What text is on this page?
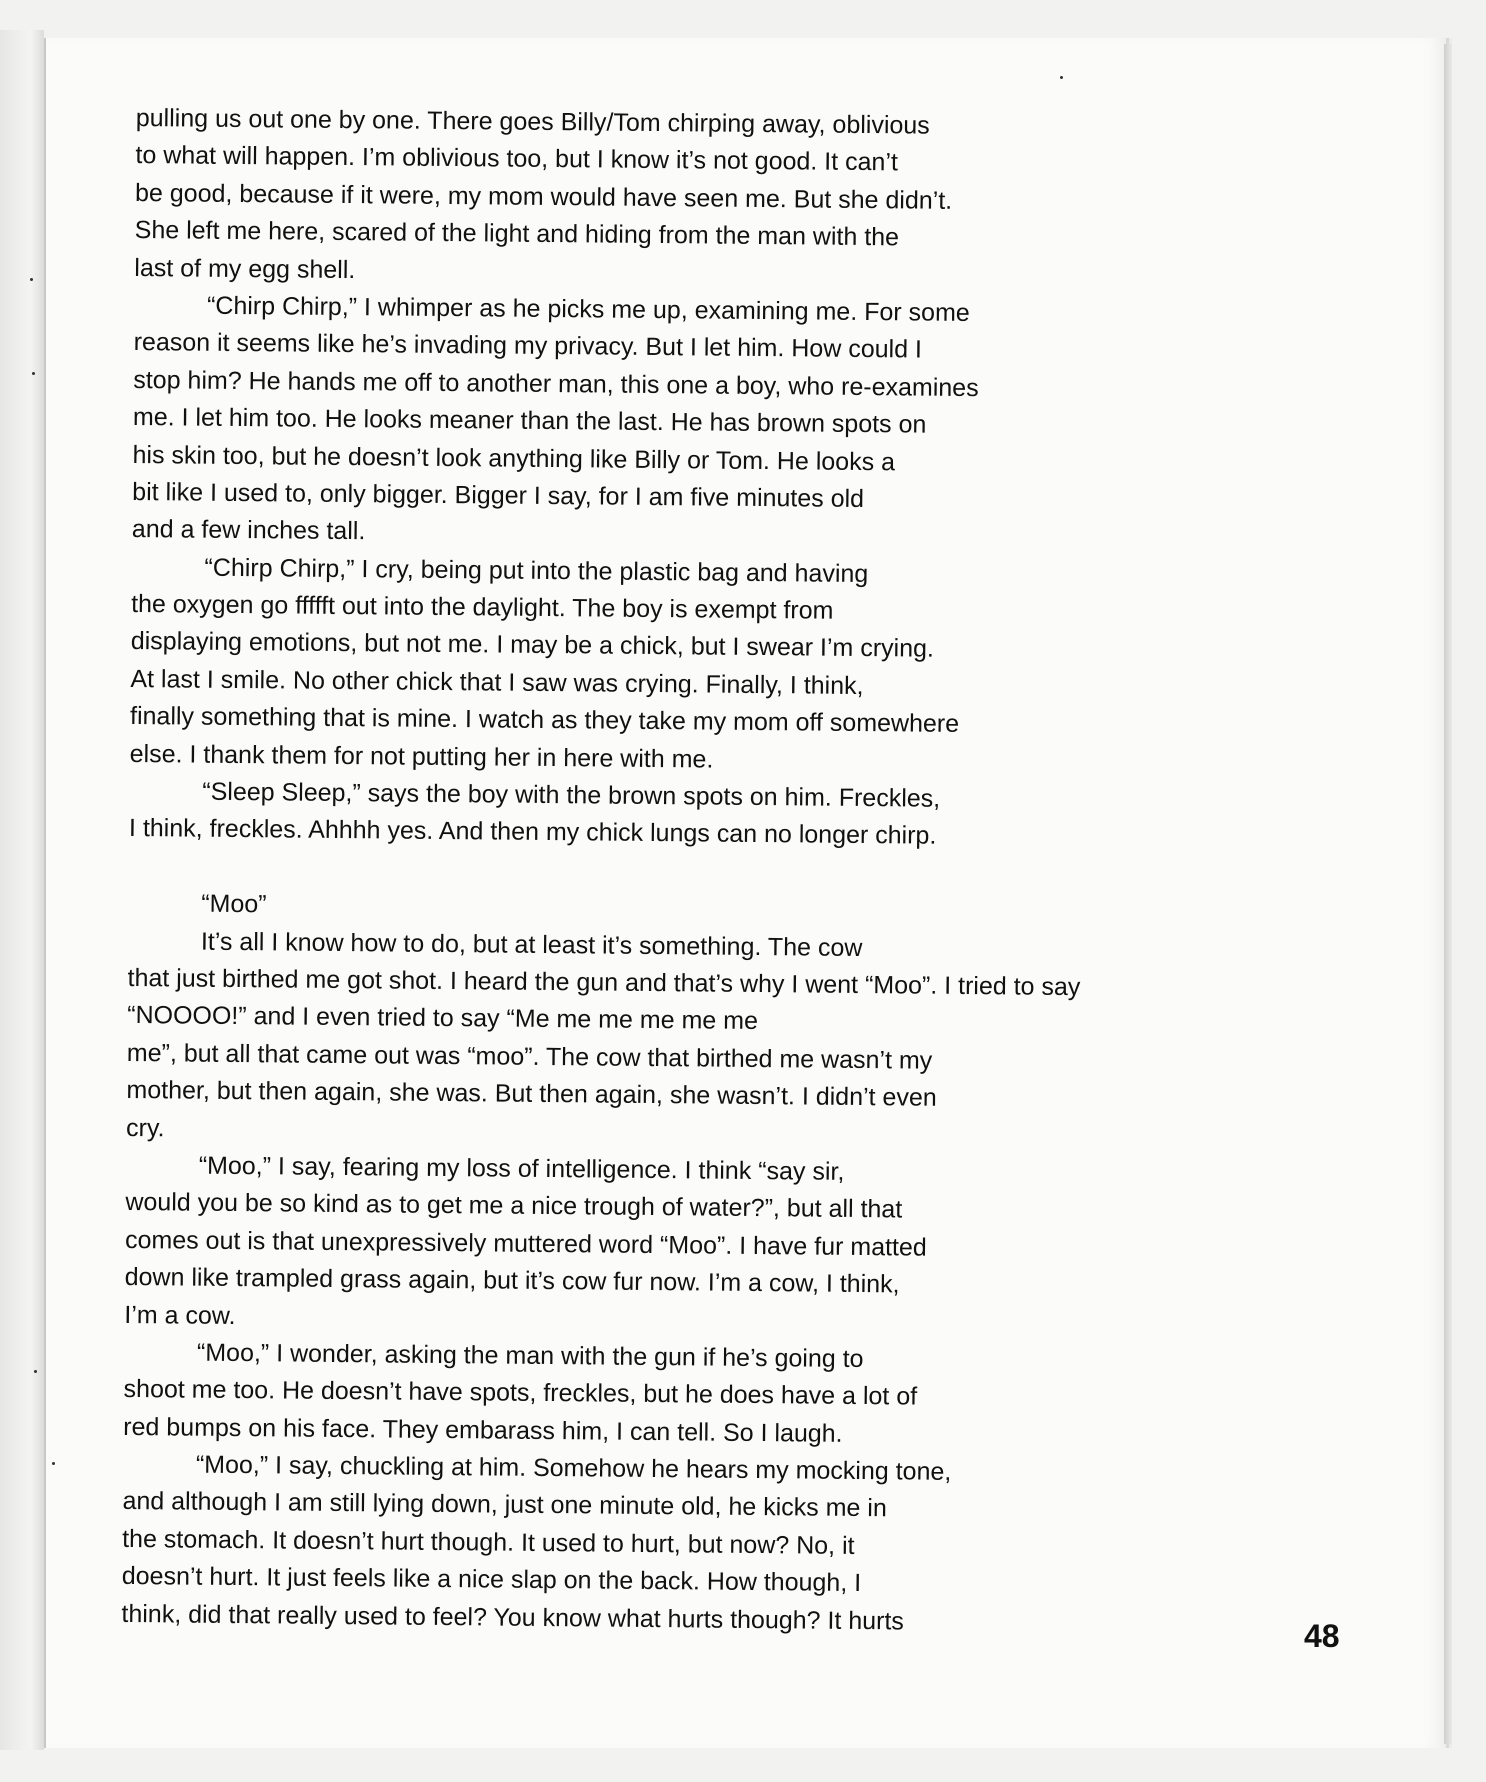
pulling us out one by one. There goes Billy/Tom chirping away, oblivious
to what will happen. I’m oblivious too, but I know it’s not good. It can’t
be good, because if it were, my mom would have seen me. But she didn’t.
She left me here, scared of the light and hiding from the man with the
last of my egg shell.
“Chirp Chirp,” I whimper as he picks me up, examining me. For some
reason it seems like he’s invading my privacy. But I let him. How could I
stop him? He hands me off to another man, this one a boy, who re-examines
me. I let him too. He looks meaner than the last. He has brown spots on
his skin too, but he doesn’t look anything like Billy or Tom. He looks a
bit like I used to, only bigger. Bigger I say, for I am five minutes old
and a few inches tall.
“Chirp Chirp,” I cry, being put into the plastic bag and having
the oxygen go ffffft out into the daylight. The boy is exempt from
displaying emotions, but not me. I may be a chick, but I swear I’m crying.
At last I smile. No other chick that I saw was crying. Finally, I think,
finally something that is mine. I watch as they take my mom off somewhere
else. I thank them for not putting her in here with me.
“Sleep Sleep,” says the boy with the brown spots on him. Freckles,
I think, freckles. Ahhhh yes. And then my chick lungs can no longer chirp.
“Moo”
It’s all I know how to do, but at least it’s something. The cow
that just birthed me got shot. I heard the gun and that’s why I went “Moo”. I tried to say
“NOOOO!” and I even tried to say “Me me me me me me
me”, but all that came out was “moo”. The cow that birthed me wasn’t my
mother, but then again, she was. But then again, she wasn’t. I didn’t even
cry.
“Moo,” I say, fearing my loss of intelligence. I think “say sir,
would you be so kind as to get me a nice trough of water?”, but all that
comes out is that unexpressively muttered word “Moo”. I have fur matted
down like trampled grass again, but it’s cow fur now. I’m a cow, I think,
I’m a cow.
“Moo,” I wonder, asking the man with the gun if he’s going to
shoot me too. He doesn’t have spots, freckles, but he does have a lot of
red bumps on his face. They embarass him, I can tell. So I laugh.
“Moo,” I say, chuckling at him. Somehow he hears my mocking tone,
and although I am still lying down, just one minute old, he kicks me in
the stomach. It doesn’t hurt though. It used to hurt, but now? No, it
doesn’t hurt. It just feels like a nice slap on the back. How though, I
think, did that really used to feel? You know what hurts though? It hurts
48
